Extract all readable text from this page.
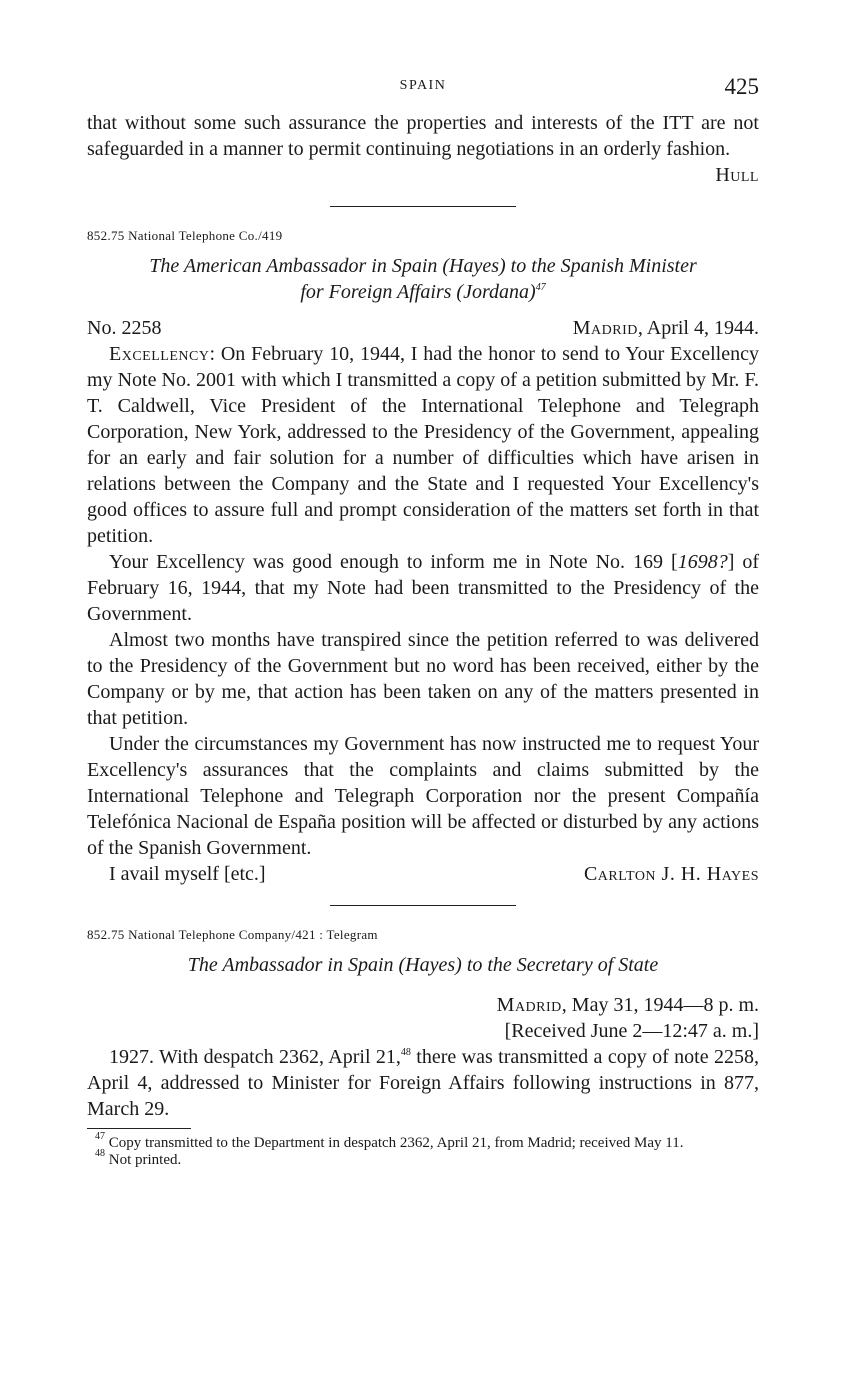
SPAIN	425

that without some such assurance the properties and interests of the ITT are not safeguarded in a manner to permit continuing negotiations in an orderly fashion.

Hull
852.75 National Telephone Co./419
The American Ambassador in Spain (Hayes) to the Spanish Minister
for Foreign Affairs (Jordana)$^{47}$
No. 2258	Madrid, April 4, 1944.

Excellency: On February 10, 1944, I had the honor to send to Your Excellency my Note No. 2001 with which I transmitted a copy of a petition submitted by Mr. F. T. Caldwell, Vice President of the International Telephone and Telegraph Corporation, New York, addressed to the Presidency of the Government, appealing for an early and fair solution for a number of difficulties which have arisen in relations between the Company and the State and I requested Your Excellency's good offices to assure full and prompt consideration of the matters set forth in that petition.

Your Excellency was good enough to inform me in Note No. 169 [1698?] of February 16, 1944, that my Note had been transmitted to the Presidency of the Government.

Almost two months have transpired since the petition referred to was delivered to the Presidency of the Government but no word has been received, either by the Company or by me, that action has been taken on any of the matters presented in that petition.

Under the circumstances my Government has now instructed me to request Your Excellency's assurances that the complaints and claims submitted by the International Telephone and Telegraph Corporation nor the present Compañía Telefónica Nacional de España position will be affected or disturbed by any actions of the Spanish Government.

I avail myself [etc.]	Carlton J. H. Hayes
852.75 National Telephone Company/421 : Telegram
The Ambassador in Spain (Hayes) to the Secretary of State
Madrid, May 31, 1944—8 p. m.
[Received June 2—12:47 a. m.]

1927. With despatch 2362, April 21,48 there was transmitted a copy of note 2258, April 4, addressed to Minister for Foreign Affairs following instructions in 877, March 29.

$^{47}$ Copy transmitted to the Department in despatch 2362, April 21, from Madrid; received May 11.
$^{48}$ Not printed.
